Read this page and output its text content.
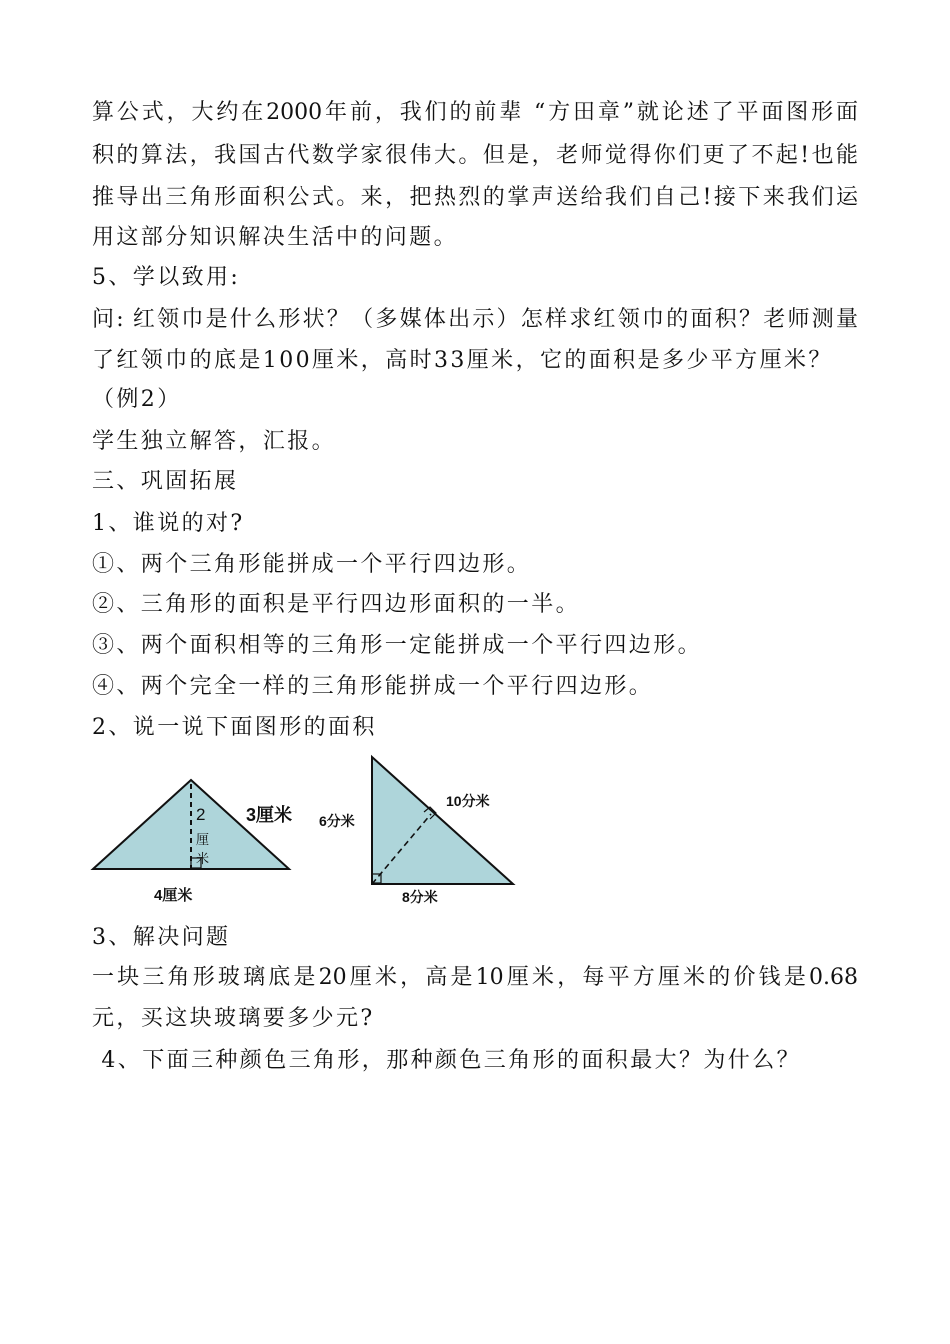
算公式，大约在2000年前，我们的前辈 “方田章”就论述了平面图形面
积的算法，我国古代数学家很伟大。但是，老师觉得你们更了不起!也能
推导出三角形面积公式。来，把热烈的掌声送给我们自己!接下来我们运
用这部分知识解决生活中的问题。
5、学以致用:
问: 红领巾是什么形状？（多媒体出示）怎样求红领巾的面积？老师测量
了红领巾的底是100厘米，高时33厘米，它的面积是多少平方厘米？
（例2）
学生独立解答，汇报。
三、巩固拓展
1、谁说的对?
①、两个三角形能拼成一个平行四边形。
②、三角形的面积是平行四边形面积的一半。
③、两个面积相等的三角形一定能拼成一个平行四边形。
④、两个完全一样的三角形能拼成一个平行四边形。
2、说一说下面图形的面积
2
厘
米
3厘米
4厘米
6分米
10分米
8分米
3、解决问题
一块三角形玻璃底是20厘米，高是10厘米，每平方厘米的价钱是0.68
元，买这块玻璃要多少元?
4、下面三种颜色三角形，那种颜色三角形的面积最大？为什么？
